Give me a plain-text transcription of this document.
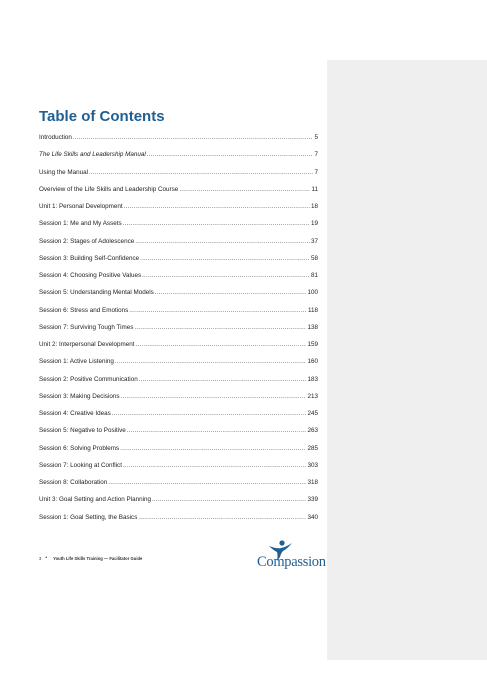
Table of Contents
Introduction .....	5
The Life Skills and Leadership Manual .....	7
Using the Manual .....	7
Overview of the Life Skills and Leadership Course .....	11
Unit 1: Personal Development .....	18
Session 1: Me and My Assets .....	19
Session 2: Stages of Adolescence .....	37
Session 3: Building Self-Confidence .....	58
Session 4: Choosing Positive Values .....	81
Session 5: Understanding Mental Models .....	100
Session 6: Stress and Emotions .....	118
Session 7: Surviving Tough Times .....	138
Unit 2: Interpersonal Development .....	159
Session 1: Active Listening .....	160
Session 2: Positive Communication .....	183
Session 3: Making Decisions .....	213
Session 4: Creative Ideas .....	245
Session 5: Negative to Positive .....	263
Session 6: Solving Problems .....	285
Session 7: Looking at Conflict .....	303
Session 8: Collaboration .....	318
Unit 3: Goal Setting and Action Planning .....	339
Session 1: Goal Setting, the Basics .....	340
3 • Youth Life Skills Training — Facilitator Guide	Compassion
